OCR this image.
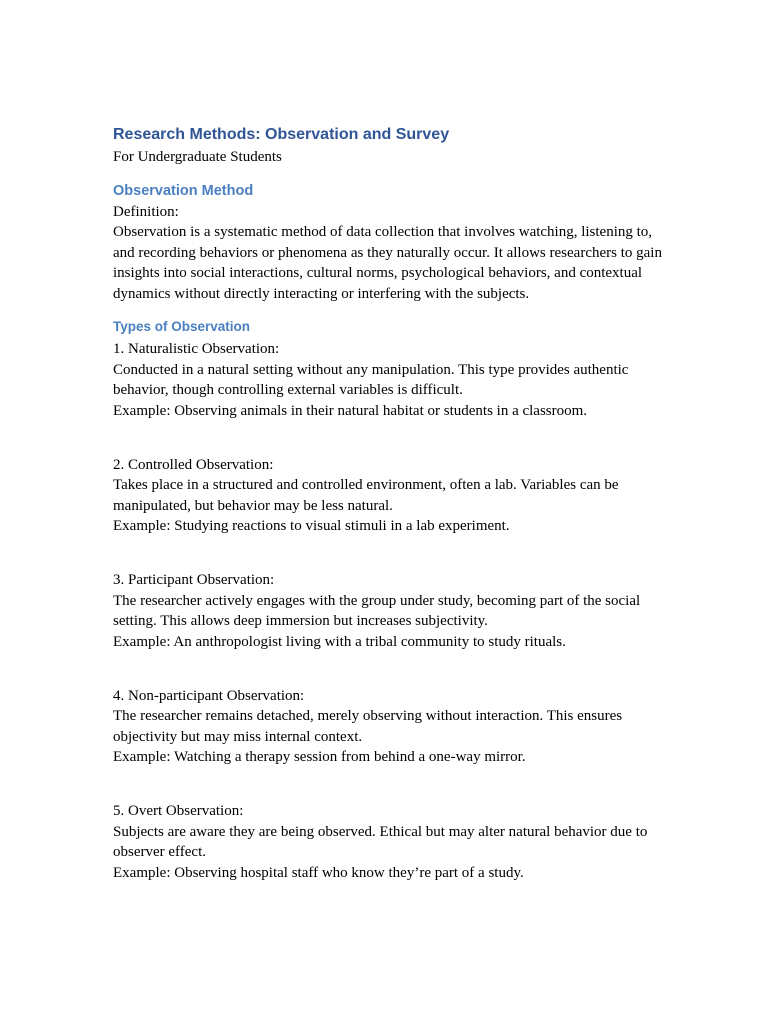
Research Methods: Observation and Survey

For Undergraduate Students

Observation Method

Definition:

Observation is a systematic method of data collection that involves watching, listening to, and recording behaviors or phenomena as they naturally occur. It allows researchers to gain insights into social interactions, cultural norms, psychological behaviors, and contextual dynamics without directly interacting or interfering with the subjects.

Types of Observation

1. Naturalistic Observation:

Conducted in a natural setting without any manipulation. This type provides authentic behavior, though controlling external variables is difficult.

Example: Observing animals in their natural habitat or students in a classroom.

2. Controlled Observation:

Takes place in a structured and controlled environment, often a lab. Variables can be manipulated, but behavior may be less natural.

Example: Studying reactions to visual stimuli in a lab experiment.

3. Participant Observation:

The researcher actively engages with the group under study, becoming part of the social setting. This allows deep immersion but increases subjectivity.

Example: An anthropologist living with a tribal community to study rituals.

4. Non-participant Observation:

The researcher remains detached, merely observing without interaction. This ensures objectivity but may miss internal context.

Example: Watching a therapy session from behind a one-way mirror.

5. Overt Observation:

Subjects are aware they are being observed. Ethical but may alter natural behavior due to observer effect.

Example: Observing hospital staff who know they’re part of a study.
